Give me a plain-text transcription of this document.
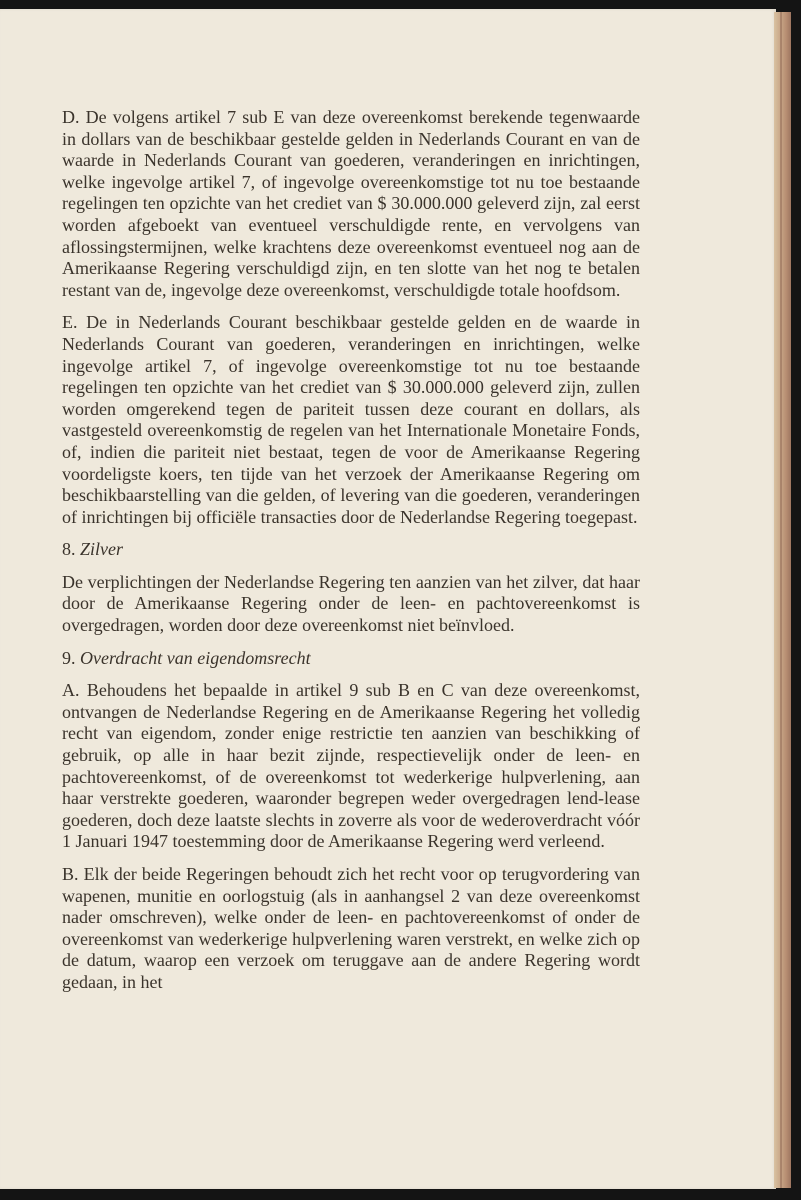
D. De volgens artikel 7 sub E van deze overeenkomst berekende tegenwaarde in dollars van de beschikbaar gestelde gelden in Nederlands Courant en van de waarde in Nederlands Courant van goederen, veranderingen en inrichtingen, welke ingevolge artikel 7, of ingevolge overeenkomstige tot nu toe bestaande regelingen ten opzichte van het crediet van $ 30.000.000 geleverd zijn, zal eerst worden afgeboekt van eventueel verschuldigde rente, en vervolgens van aflossingstermijnen, welke krachtens deze overeenkomst eventueel nog aan de Amerikaanse Regering verschuldigd zijn, en ten slotte van het nog te betalen restant van de, ingevolge deze overeenkomst, verschuldigde totale hoofdsom.

E. De in Nederlands Courant beschikbaar gestelde gelden en de waarde in Nederlands Courant van goederen, veranderingen en inrichtingen, welke ingevolge artikel 7, of ingevolge overeenkomstige tot nu toe bestaande regelingen ten opzichte van het crediet van $ 30.000.000 geleverd zijn, zullen worden omgerekend tegen de pariteit tussen deze courant en dollars, als vastgesteld overeenkomstig de regelen van het Internationale Monetaire Fonds, of, indien die pariteit niet bestaat, tegen de voor de Amerikaanse Regering voordeligste koers, ten tijde van het verzoek der Amerikaanse Regering om beschikbaarstelling van die gelden, of levering van die goederen, veranderingen of inrichtingen bij officiële transacties door de Nederlandse Regering toegepast.

8. Zilver

De verplichtingen der Nederlandse Regering ten aanzien van het zilver, dat haar door de Amerikaanse Regering onder de leen- en pachtovereenkomst is overgedragen, worden door deze overeenkomst niet beïnvloed.

9. Overdracht van eigendomsrecht

A. Behoudens het bepaalde in artikel 9 sub B en C van deze overeenkomst, ontvangen de Nederlandse Regering en de Amerikaanse Regering het volledig recht van eigendom, zonder enige restrictie ten aanzien van beschikking of gebruik, op alle in haar bezit zijnde, respectievelijk onder de leen- en pachtovereenkomst, of de overeenkomst tot wederkerige hulpverlening, aan haar verstrekte goederen, waaronder begrepen weder overgedragen lend-lease goederen, doch deze laatste slechts in zoverre als voor de wederoverdracht vóór 1 Januari 1947 toestemming door de Amerikaanse Regering werd verleend.

B. Elk der beide Regeringen behoudt zich het recht voor op terugvordering van wapenen, munitie en oorlogstuig (als in aanhangsel 2 van deze overeenkomst nader omschreven), welke onder de leen- en pachtovereenkomst of onder de overeenkomst van wederkerige hulpverlening waren verstrekt, en welke zich op de datum, waarop een verzoek om teruggave aan de andere Regering wordt gedaan, in het
